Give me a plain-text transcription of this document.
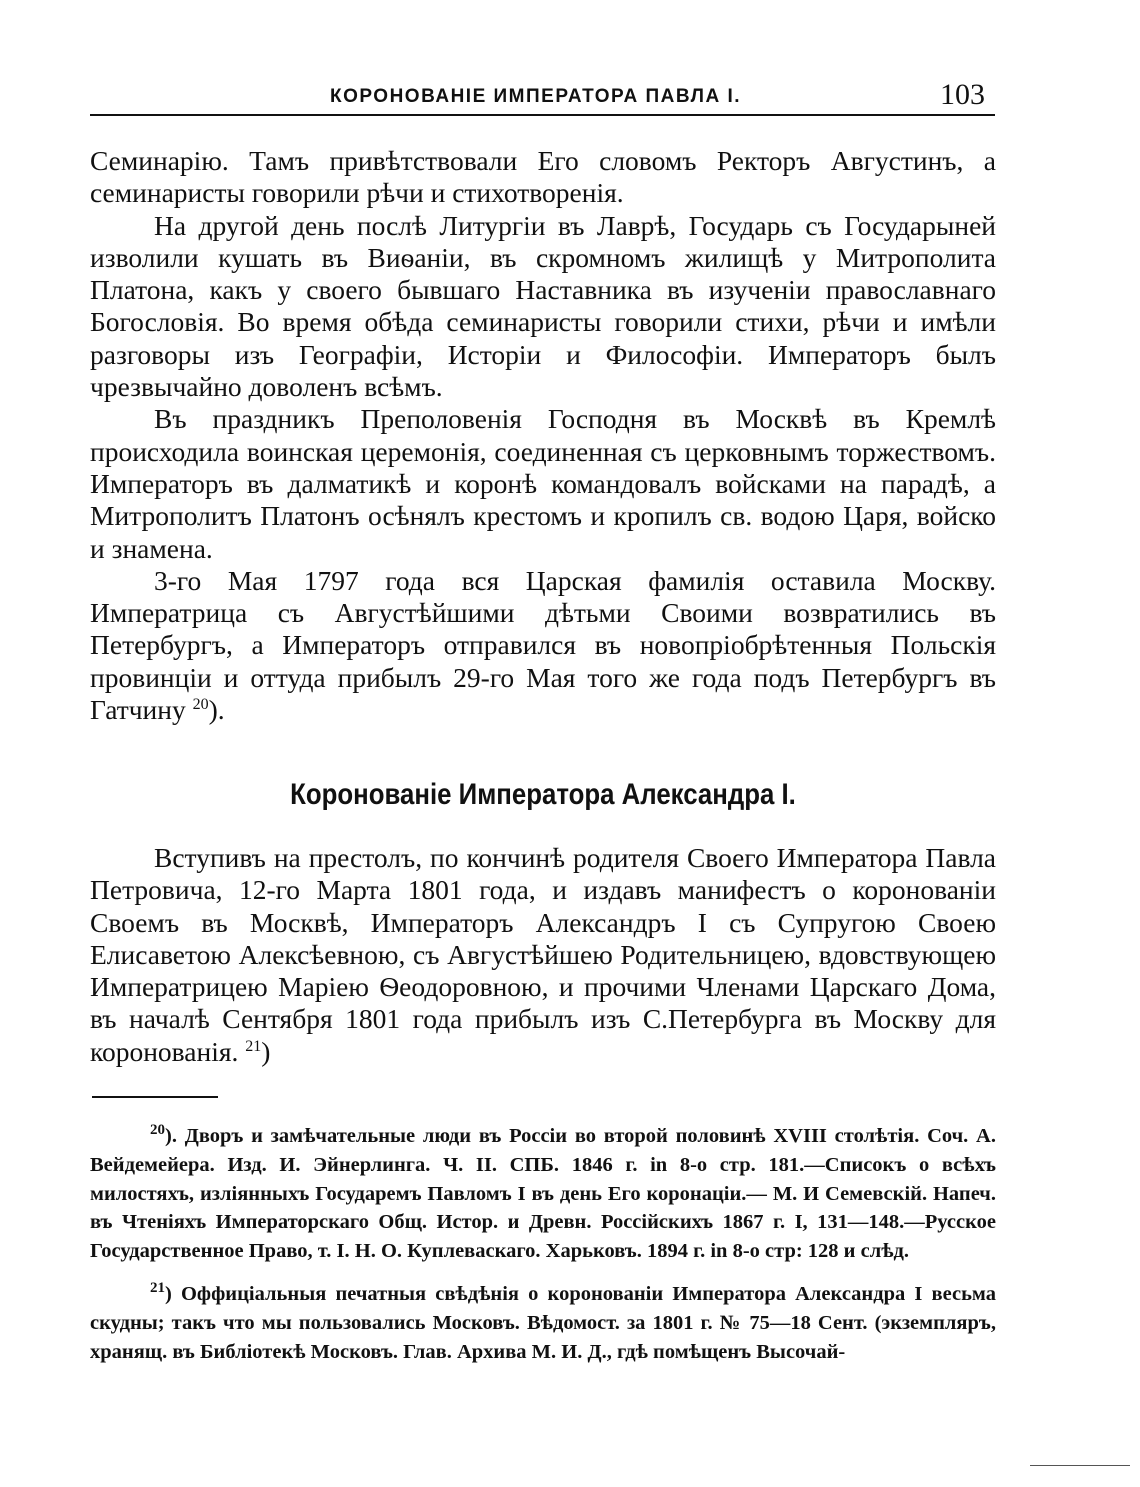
КОРОНОВАНІЕ ИМПЕРАТОРА ПАВЛА I.	103

Семинарію. Тамъ привѣтствовали Его словомъ Ректоръ Августинъ, а семинаристы говорили рѣчи и стихотворенія.

На другой день послѣ Литургіи въ Лаврѣ, Государь съ Государыней изволили кушать въ Виѳаніи, въ скромномъ жилищѣ у Митрополита Платона, какъ у своего бывшаго Наставника въ изученіи православнаго Богословія. Во время обѣда семинаристы говорили стихи, рѣчи и имѣли разговоры изъ Географіи, Исторіи и Философіи. Императоръ былъ чрезвычайно доволенъ всѣмъ.

Въ праздникъ Преполовенія Господня въ Москвѣ въ Кремлѣ происходила воинская церемонія, соединенная съ церковнымъ торжествомъ. Императоръ въ далматикѣ и коронѣ командовалъ войсками на парадѣ, а Митрополитъ Платонъ осѣнялъ крестомъ и кропилъ св. водою Царя, войско и знамена.

3-го Мая 1797 года вся Царская фамилія оставила Москву. Императрица съ Августѣйшими дѣтьми Своими возвратились въ Петербургъ, а Императоръ отправился въ новопріобрѣтенныя Польскія провинціи и оттуда прибылъ 29-го Мая того же года подъ Петербургъ въ Гатчину $^{20}$).

Коронованіе Императора Александра I.

Вступивъ на престолъ, по кончинѣ родителя Своего Императора Павла Петровича, 12-го Марта 1801 года, и издавъ манифестъ о коронованіи Своемъ въ Москвѣ, Императоръ Александръ I съ Супругою Своею Елисаветою Алексѣевною, съ Августѣйшею Родительницею, вдовствующею Императрицею Маріею Ѳеодоровною, и прочими Членами Царскаго Дома, въ началѣ Сентября 1801 года прибылъ изъ С.Петербурга въ Москву для коронованія. $^{21}$)

$^{20}$). Дворъ и замѣчательные люди въ Россіи во второй половинѣ XVIII столѣтія. Соч. А. Вейдемейера. Изд. И. Эйнерлинга. Ч. II. СПБ. 1846 г. in 8-о стр. 181.—Списокъ о всѣхъ милостяхъ, изліянныхъ Государемъ Павломъ I въ день Его коронаціи.— М. И Семевскій. Напеч. въ Чтеніяхъ Императорскаго Общ. Истор. и Древн. Россійскихъ 1867 г. I, 131—148.—Русское Государственное Право, т. I. Н. О. Куплеваскаго. Харьковъ. 1894 г. in 8-о стр: 128 и слѣд.

$^{21}$) Оффиціальныя печатныя свѣдѣнія о коронованіи Императора Александра I весьма скудны; такъ что мы пользовались Московъ. Вѣдомост. за 1801 г. № 75—18 Сент. (экземпляръ, хранящ. въ Библіотекѣ Московъ. Глав. Архива М. И. Д., гдѣ помѣщенъ Высочай-
